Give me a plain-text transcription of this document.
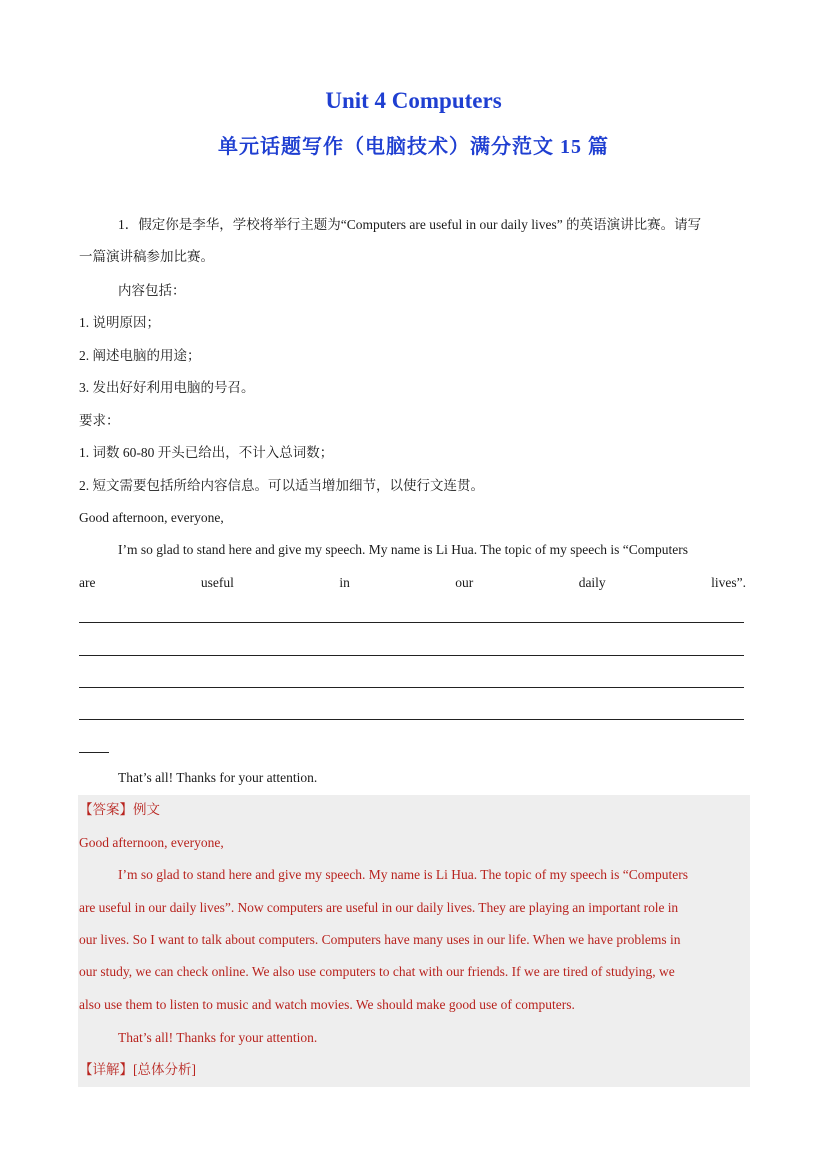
Unit 4 Computers
单元话题写作（电脑技术）满分范文 15 篇
1．假定你是李华，学校将举行主题为“Computers are useful in our daily lives” 的英语演讲比赛。请写
一篇演讲稿参加比赛。
内容包括：
1. 说明原因；
2. 阐述电脑的用途；
3. 发出好好利用电脑的号召。
要求：
1. 词数 60-80 开头已给出，不计入总词数；
2. 短文需要包括所给内容信息。可以适当增加细节，以使行文连贯。
Good afternoon, everyone,
I’m so glad to stand here and give my speech. My name is Li Hua. The topic of my speech is “Computers
are	useful	in	our	daily	lives”.
That’s all! Thanks for your attention.
【答案】例文
Good afternoon, everyone,
I’m so glad to stand here and give my speech. My name is Li Hua. The topic of my speech is “Computers
are useful in our daily lives”. Now computers are useful in our daily lives. They are playing an important role in
our lives. So I want to talk about computers. Computers have many uses in our life. When we have problems in
our study, we can check online. We also use computers to chat with our friends. If we are tired of studying, we
also use them to listen to music and watch movies. We should make good use of computers.
That’s all! Thanks for your attention.
【详解】[总体分析]
